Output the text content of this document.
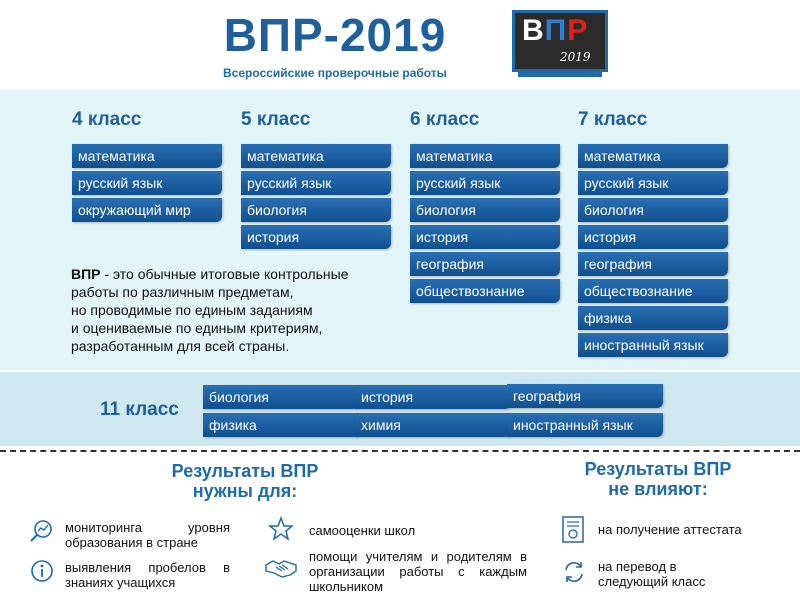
ВПР-2019
Всероссийские проверочные работы
ВПР
2019
4 класс
математика
русский язык
окружающий мир
5 класс
математика
русский язык
биология
история
6 класс
математика
русский язык
биология
история
география
обществознание
7 класс
математика
русский язык
биология
история
география
обществознание
физика
иностранный язык
ВПР - это обычные итоговые контрольные
работы по различным предметам,
но проводимые по единым заданиям
и оцениваемые по единым критериям,
разработанным для всей страны.
11 класс
биология	история	география
физика	химия	иностранный язык
Результаты ВПР
нужны для:
Результаты ВПР
не влияют:
мониторинга уровня образования в стране
выявления пробелов в знаниях учащихся
самооценки школ
помощи учителям и родителям в организации работы с каждым школьником
на получение аттестата
на перевод в следующий класс
